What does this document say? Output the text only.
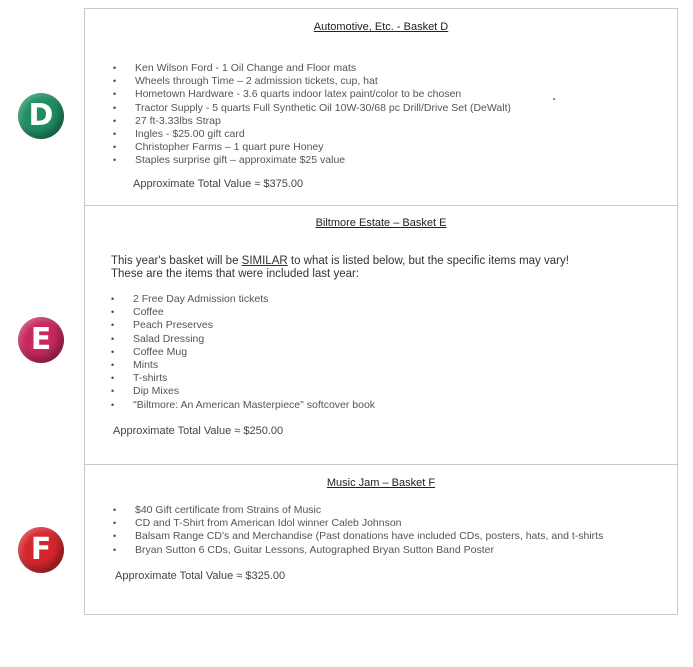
D
E
F
Automotive, Etc. - Basket D
• Ken Wilson Ford - 1 Oil Change and Floor mats
• Wheels through Time – 2 admission tickets, cup, hat
• Hometown Hardware - 3.6 quarts indoor latex paint/color to be chosen
• Tractor Supply - 5 quarts Full Synthetic Oil 10W-30/68 pc Drill/Drive Set (DeWalt)
• 27 ft-3.33lbs Strap
• Ingles - $25.00 gift card
• Christopher Farms – 1 quart pure Honey
• Staples surprise gift – approximate $25 value
Approximate Total Value ≈ $375.00
Biltmore Estate – Basket E
This year's basket will be SIMILAR to what is listed below, but the specific items may vary!
These are the items that were included last year:
• 2 Free Day Admission tickets
• Coffee
• Peach Preserves
• Salad Dressing
• Coffee Mug
• Mints
• T-shirts
• Dip Mixes
• "Biltmore: An American Masterpiece" softcover book
Approximate Total Value ≈ $250.00
Music Jam – Basket F
• $40 Gift certificate from Strains of Music
• CD and T-Shirt from American Idol winner Caleb Johnson
• Balsam Range CD's and Merchandise (Past donations have included CDs, posters, hats, and t-shirts
• Bryan Sutton 6 CDs, Guitar Lessons, Autographed Bryan Sutton Band Poster
Approximate Total Value ≈ $325.00
